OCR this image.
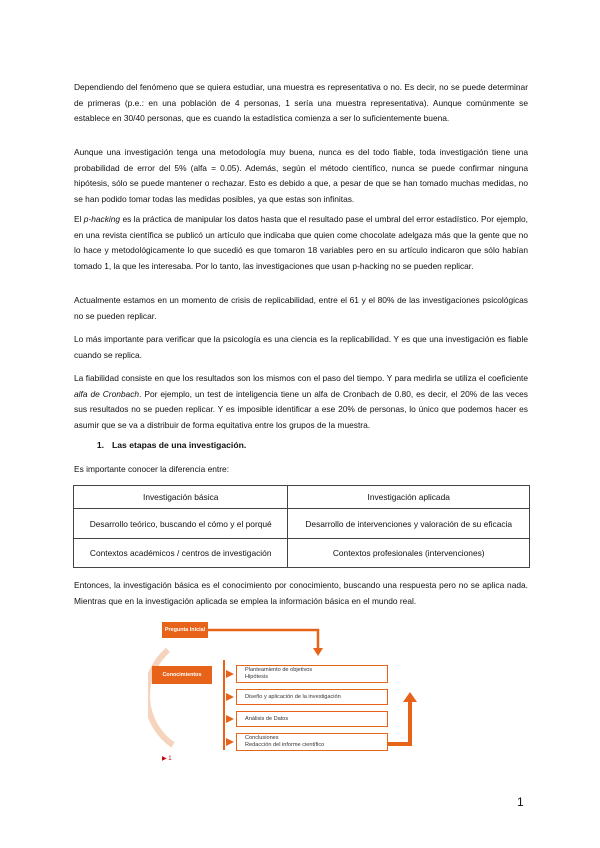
Dependiendo del fenómeno que se quiera estudiar, una muestra es representativa o no. Es decir, no se puede determinar de primeras (p.e.: en una población de 4 personas, 1 sería una muestra representativa). Aunque comúnmente se establece en 30/40 personas, que es cuando la estadística comienza a ser lo suficientemente buena.

Aunque una investigación tenga una metodología muy buena, nunca es del todo fiable, toda investigación tiene una probabilidad de error del 5% (alfa = 0.05). Además, según el método científico, nunca se puede confirmar ninguna hipótesis, sólo se puede mantener o rechazar. Esto es debido a que, a pesar de que se han tomado muchas medidas, no se han podido tomar todas las medidas posibles, ya que estas son infinitas.

El p-hacking es la práctica de manipular los datos hasta que el resultado pase el umbral del error estadístico. Por ejemplo, en una revista científica se publicó un artículo que indicaba que quien come chocolate adelgaza más que la gente que no lo hace y metodológicamente lo que sucedió es que tomaron 18 variables pero en su artículo indicaron que sólo habían tomado 1, la que les interesaba. Por lo tanto, las investigaciones que usan p-hacking no se pueden replicar.

Actualmente estamos en un momento de crisis de replicabilidad, entre el 61 y el 80% de las investigaciones psicológicas no se pueden replicar.

Lo más importante para verificar que la psicología es una ciencia es la replicabilidad. Y es que una investigación es fiable cuando se replica.

La fiabilidad consiste en que los resultados son los mismos con el paso del tiempo. Y para medirla se utiliza el coeficiente alfa de Cronbach. Por ejemplo, un test de inteligencia tiene un alfa de Cronbach de 0.80, es decir, el 20% de las veces sus resultados no se pueden replicar. Y es imposible identificar a ese 20% de personas, lo único que podemos hacer es asumir que se va a distribuir de forma equitativa entre los grupos de la muestra.

1. Las etapas de una investigación.

Es importante conocer la diferencia entre:

Investigación básica	Investigación aplicada
Desarrollo teórico, buscando el cómo y el porqué	Desarrollo de intervenciones y valoración de su eficacia
Contextos académicos / centros de investigación	Contextos profesionales (intervenciones)

Entonces, la investigación básica es el conocimiento por conocimiento, buscando una respuesta pero no se aplica nada. Mientras que en la investigación aplicada se emplea la información básica en el mundo real.

Pregunta Inicial
Conocimientos
Planteamiento de objetivos
Hipótesis
Diseño y aplicación de la investigación
Análisis de Datos
Conclusiones
Redacción del informe científico
▶ 1
1
